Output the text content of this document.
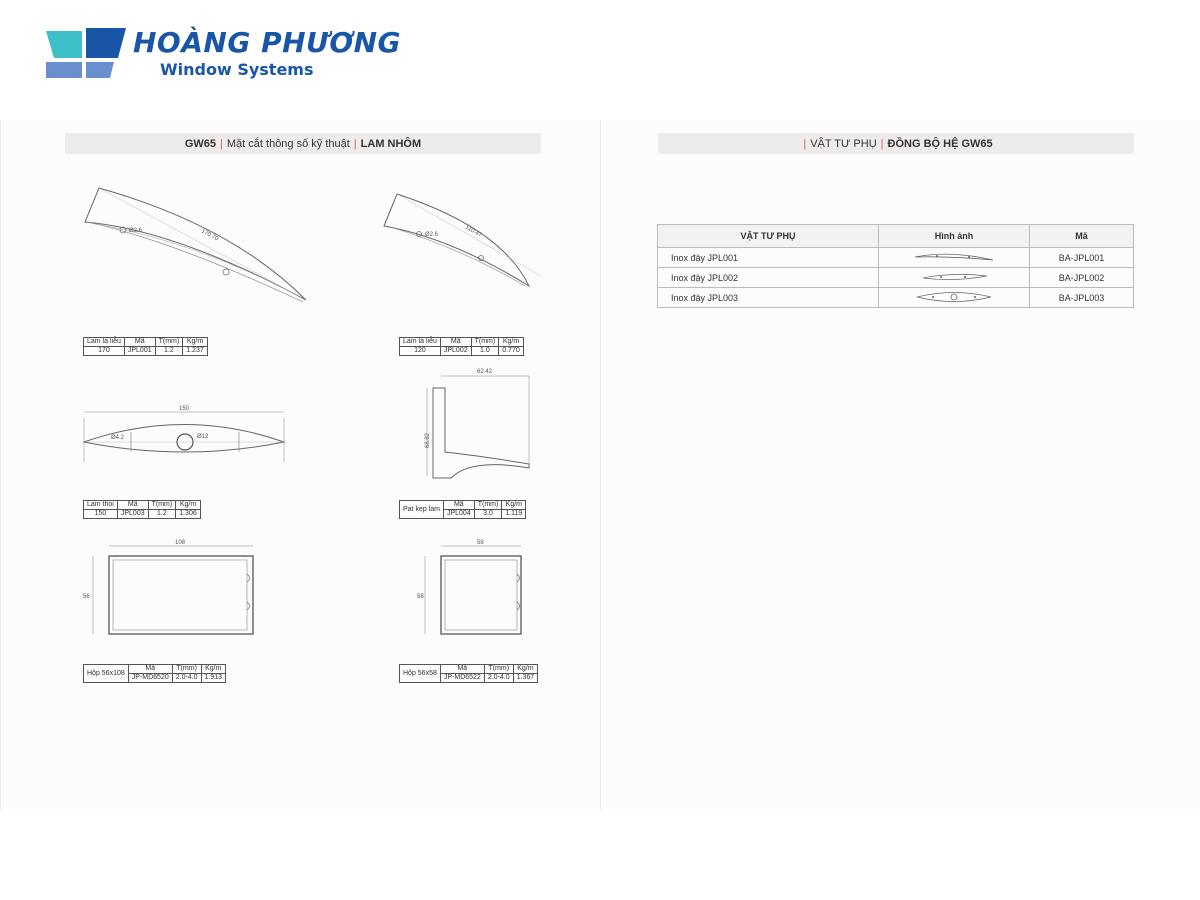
HOÀNG PHƯƠNG
Window Systems
GW65 | Mặt cắt thông số kỹ thuật | LAM NHÔM
170.70
Ø2.6	110.47
Ø2.6
Lam lá liễu	Mã	T(mm)	Kg/m
170	JPL001	1.2	1.237
Lam lá liễu	Mã	T(mm)	Kg/m
120	JPL002	1.0	0.770
150
Ø4.2	Ø12
62.42
68.82
Lam thoi	Mã	T(mm)	Kg/m
150	JPL003	1.2	1.306
Pat kẹp lam	Mã	T(mm)	Kg/m
	JPL004	3.0	1.119
108
56
58
58
Hộp 56x108	Mã	T(mm)	Kg/m
	JP-MD6520	2.0-4.0	1.913
Hộp 56x58	Mã	T(mm)	Kg/m
	JP-MD6522	2.0-4.0	1.367
| VẬT TƯ PHỤ | ĐỒNG BỘ HỆ GW65
VẬT TƯ PHỤ	Hình ảnh	Mã
Inox đậy JPL001		BA-JPL001
Inox đậy JPL002		BA-JPL002
Inox đậy JPL003		BA-JPL003
